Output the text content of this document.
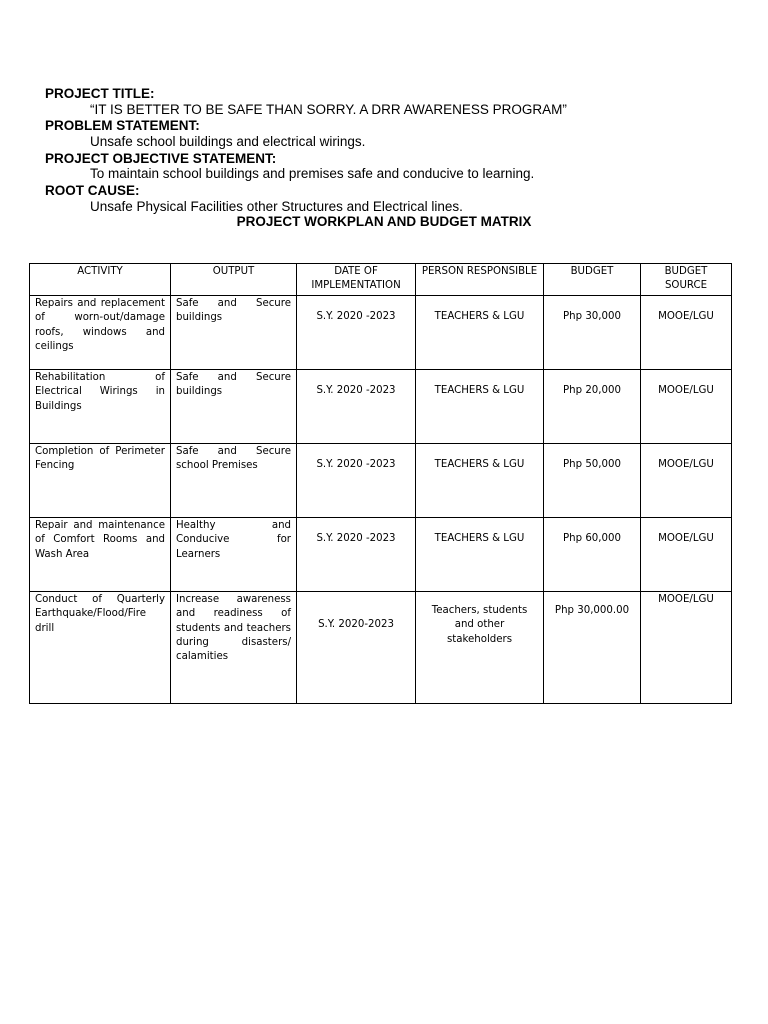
PROJECT TITLE:
“IT IS BETTER TO BE SAFE THAN SORRY. A DRR AWARENESS PROGRAM”
PROBLEM STATEMENT:
Unsafe school buildings and electrical wirings.
PROJECT OBJECTIVE STATEMENT:
To maintain school buildings and premises safe and conducive to learning.
ROOT CAUSE:
Unsafe Physical Facilities other Structures and Electrical lines.
PROJECT WORKPLAN AND BUDGET MATRIX
ACTIVITY	OUTPUT	DATE OF IMPLEMENTATION	PERSON RESPONSIBLE	BUDGET	BUDGET SOURCE
Repairs and replacement of worn-out/damage roofs, windows and ceilings	Safe and Secure buildings	S.Y. 2020 -2023	TEACHERS & LGU	Php 30,000	MOOE/LGU
Rehabilitation of Electrical Wirings in Buildings	Safe and Secure buildings	S.Y. 2020 -2023	TEACHERS & LGU	Php 20,000	MOOE/LGU
Completion of Perimeter Fencing	Safe and Secure school Premises	S.Y. 2020 -2023	TEACHERS & LGU	Php 50,000	MOOE/LGU
Repair and maintenance of Comfort Rooms and Wash Area	Healthy and Conducive for Learners	S.Y. 2020 -2023	TEACHERS & LGU	Php 60,000	MOOE/LGU
Conduct of Quarterly Earthquake/Flood/Fire drill	Increase awareness and readiness of students and teachers during disasters/ calamities	S.Y. 2020-2023	Teachers, students and other stakeholders	Php 30,000.00	MOOE/LGU
